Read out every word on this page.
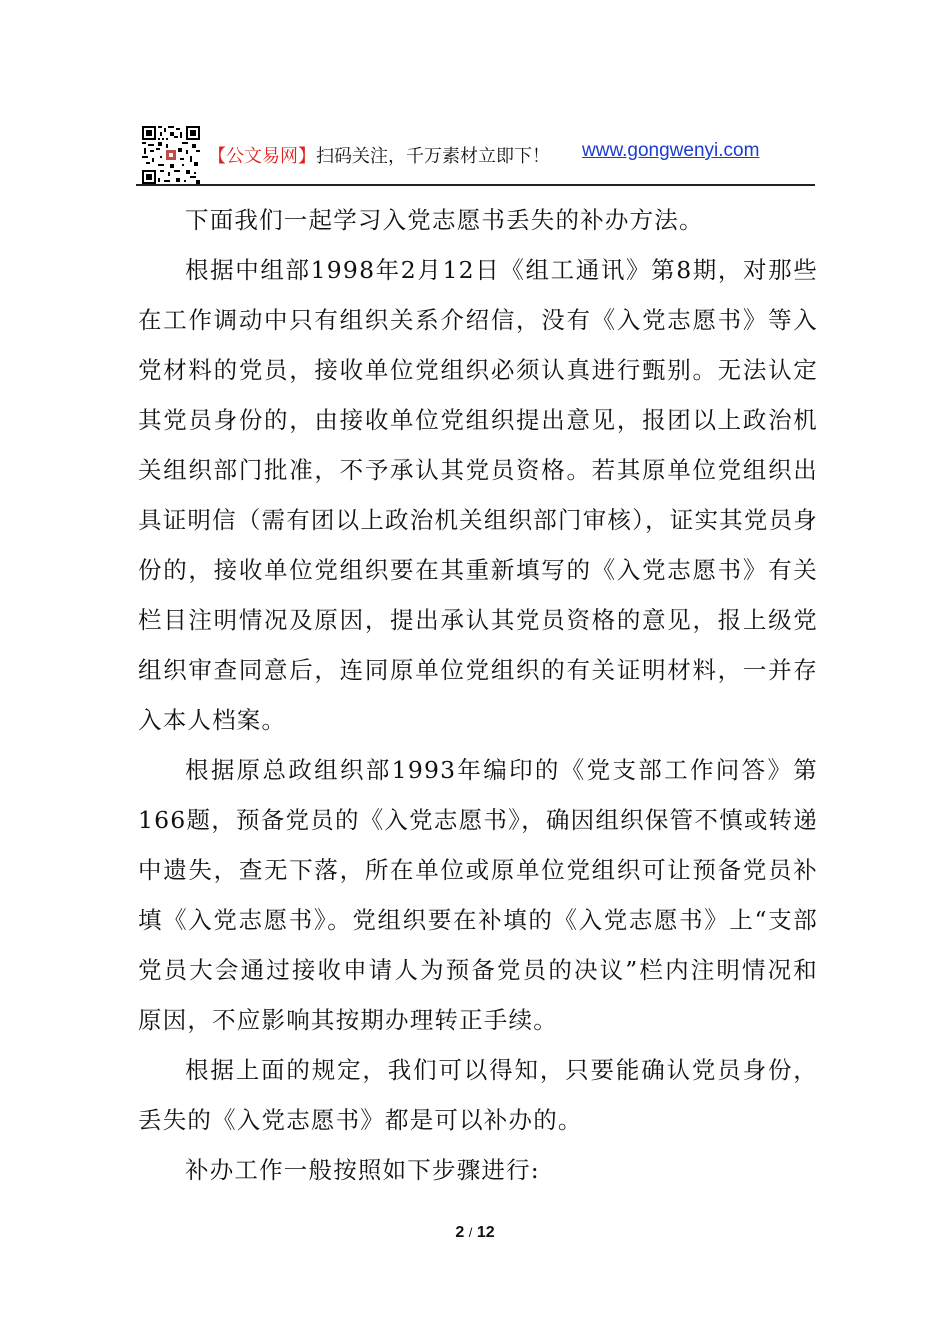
【公文易网】 扫码关注，千万素材立即下！ www.gongwenyi.com

下面我们一起学习入党志愿书丢失的补办方法。

根据中组部1998年2月12日《组工通讯》第8期，对那些在工作调动中只有组织关系介绍信，没有《入党志愿书》等入党材料的党员，接收单位党组织必须认真进行甄别。无法认定其党员身份的，由接收单位党组织提出意见，报团以上政治机关组织部门批准，不予承认其党员资格。若其原单位党组织出具证明信（需有团以上政治机关组织部门审核），证实其党员身份的，接收单位党组织要在其重新填写的《入党志愿书》有关栏目注明情况及原因，提出承认其党员资格的意见，报上级党组织审查同意后，连同原单位党组织的有关证明材料，一并存入本人档案。

根据原总政组织部1993年编印的《党支部工作问答》第166题，预备党员的《入党志愿书》，确因组织保管不慎或转递中遗失，查无下落，所在单位或原单位党组织可让预备党员补填《入党志愿书》。党组织要在补填的《入党志愿书》上“支部党员大会通过接收申请人为预备党员的决议”栏内注明情况和原因，不应影响其按期办理转正手续。

根据上面的规定，我们可以得知，只要能确认党员身份，丢失的《入党志愿书》都是可以补办的。

补办工作一般按照如下步骤进行:

2 / 12
